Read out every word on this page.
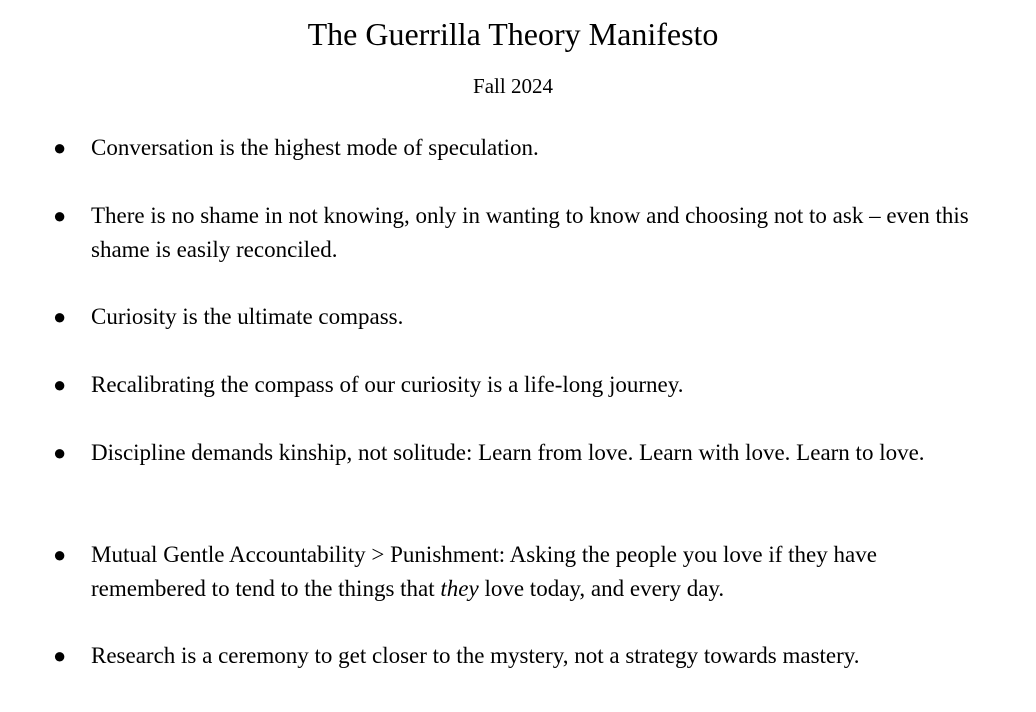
The Guerrilla Theory Manifesto

Fall 2024

● Conversation is the highest mode of speculation.
● There is no shame in not knowing, only in wanting to know and choosing not to ask – even this shame is easily reconciled.
● Curiosity is the ultimate compass.
● Recalibrating the compass of our curiosity is a life-long journey.
● Discipline demands kinship, not solitude: Learn from love. Learn with love. Learn to love.
● Mutual Gentle Accountability > Punishment: Asking the people you love if they have remembered to tend to the things that they love today, and every day.
● Research is a ceremony to get closer to the mystery, not a strategy towards mastery.
